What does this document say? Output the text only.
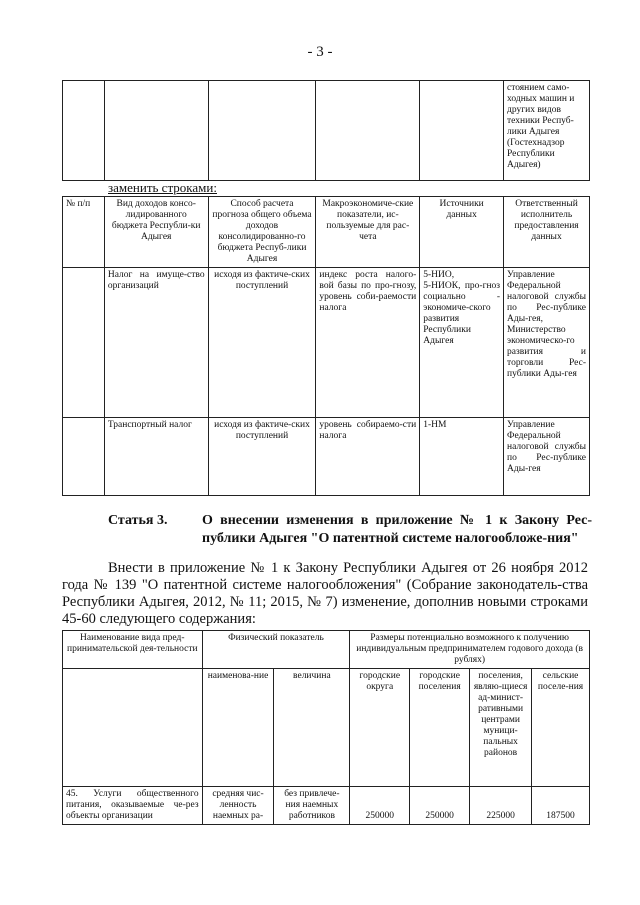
- 3 -
					стоянием само-
ходных машин и
других видов
техники Респуб-
лики Адыгея
(Гостехнадзор
Республики
Адыгея)
заменить строками:
№ п/п	Вид доходов консо-лидированного бюджета Республи-ки Адыгея	Способ расчета прогноза общего объема доходов консолидированно-го бюджета Респуб-лики Адыгея	Макроэкономиче-ские показатели, ис-пользуемые для рас-чета	Источники данных	Ответственный исполнитель предоставления данных
	Налог на имуще-ство организаций	исходя из фактиче-ских поступлений	индекс роста налого-вой базы по про-гнозу, уровень соби-раемости налога	5-НИО,
5-НИОК, про-гноз социально - экономиче-ского развития Республики Адыгея	Управление Федеральной налоговой службы по Рес-публике Ады-гея,
Министерство экономическо-го развития и торговли Рес-публики Ады-гея
	Транспортный налог	исходя из фактиче-ских поступлений	уровень собираемо-сти налога	1-НМ	Управление Федеральной налоговой службы по Рес-публике Ады-гея
Статья 3. О внесении изменения в приложение № 1 к Закону Рес-публики Адыгея "О патентной системе налогообложе-ния"
Внести в приложение № 1 к Закону Республики Адыгея от 26 ноября 2012 года № 139 "О патентной системе налогообложения" (Собрание законодатель-ства Республики Адыгея, 2012, № 11; 2015, № 7) изменение, дополнив новыми строками 45-60 следующего содержания:
Наименование вида пред-принимательской дея-тельности	Физический показатель		Размеры потенциально возможного к получению индивидуальным предпринимателем годового дохода (в рублях)			
	наименова-ние	величина	городские округа	городские поселения	поселения, являю-щиеся ад-минист-ративными центрами муници-пальных районов	сельские поселе-ния
45. Услуги общественного питания, оказываемые че-рез объекты организации	средняя чис-ленность наемных ра-	без привлече-ния наемных работников	250000	250000	225000	187500
